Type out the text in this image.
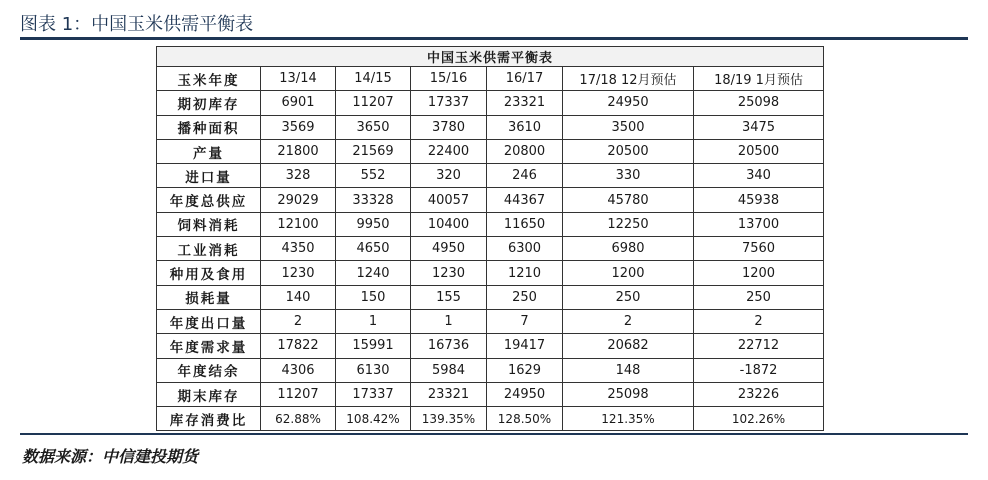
图表 1：中国玉米供需平衡表
中国玉米供需平衡表						
玉米年度	13/14	14/15	15/16	16/17	17/18 12月预估	18/19 1月预估
期初库存	6901	11207	17337	23321	24950	25098
播种面积	3569	3650	3780	3610	3500	3475
产量	21800	21569	22400	20800	20500	20500
进口量	328	552	320	246	330	340
年度总供应	29029	33328	40057	44367	45780	45938
饲料消耗	12100	9950	10400	11650	12250	13700
工业消耗	4350	4650	4950	6300	6980	7560
种用及食用	1230	1240	1230	1210	1200	1200
损耗量	140	150	155	250	250	250
年度出口量	2	1	1	7	2	2
年度需求量	17822	15991	16736	19417	20682	22712
年度结余	4306	6130	5984	1629	148	-1872
期末库存	11207	17337	23321	24950	25098	23226
库存消费比	62.88%	108.42%	139.35%	128.50%	121.35%	102.26%
数据来源：中信建投期货
